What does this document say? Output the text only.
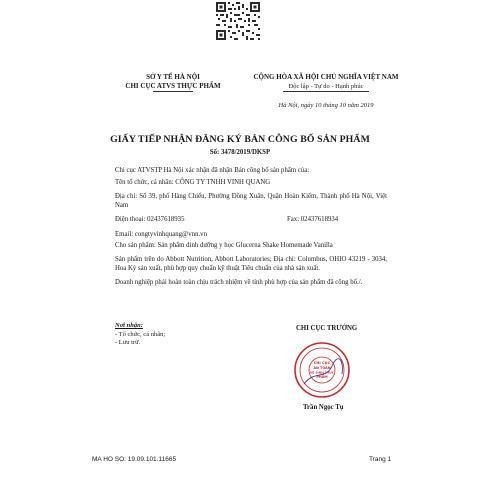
SỞ Y TẾ HÀ NỘI
CHI CỤC ATVS THỰC PHẨM
CỘNG HÒA XÃ HỘI CHỦ NGHĨA VIỆT NAM
Độc lập - Tự do - Hạnh phúc
Hà Nội, ngày 10 tháng 10 năm 2019
GIẤY TIẾP NHẬN ĐĂNG KÝ BẢN CÔNG BỐ SẢN PHẨM
Số: 3478/2019/DKSP
Chi cục ATVSTP Hà Nội xác nhận đã nhận Bản công bố sản phẩm của:
Tên tổ chức, cá nhân: CÔNG TY TNHH VINH QUANG
Địa chỉ: Số 39, phố Hàng Chiếu, Phường Đồng Xuân, Quận Hoàn Kiếm, Thành phố Hà Nội, Việt Nam
Điện thoại: 02437618935	Fax: 02437618934
Email: congtyvinhquang@vnn.vn
Cho sản phẩm: Sản phẩm dinh dưỡng y học Glucerna Shake Homemade Vanilla
Sản phẩm trên do Abbott Nutrition, Abbott Laboratories; Địa chỉ: Columbus, OHIO 43219 - 3034, Hoa Kỳ sản xuất, phù hợp quy chuẩn kỹ thuật Tiêu chuẩn của nhà sản xuất.
Doanh nghiệp phải hoàn toàn chịu trách nhiệm về tính phù hợp của sản phẩm đã công bố./.
Nơi nhận:
- Tổ chức, cá nhân;
- Lưu trữ.
CHI CỤC TRƯỞNG
CHI CỤC
AN TOÀN
VỆ SINH THỰC
PHẨM
Trần Ngọc Tụ
MA HO SO: 19.09.101.11665	Trang 1
